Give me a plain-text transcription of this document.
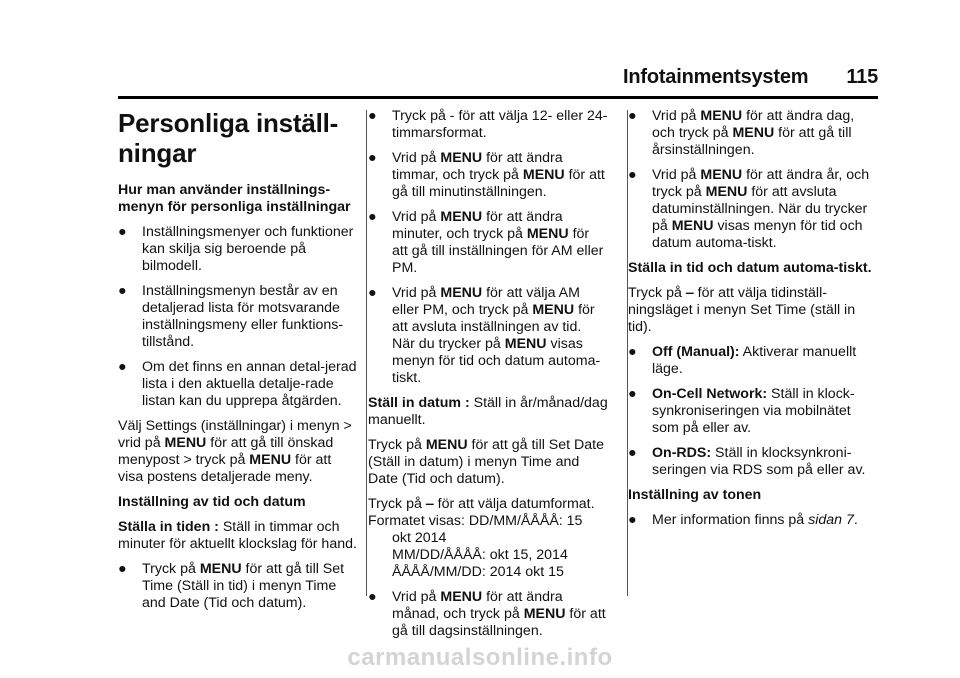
Infotainmentsystem 115
Personliga inställ-
ningar
Hur man använder inställnings-menyn för personliga inställningar
●	Inställningsmenyer och funktioner kan skilja sig beroende på bilmodell.
●	Inställningsmenyn består av en detaljerad lista för motsvarande inställningsmeny eller funktions-tillstånd.
●	Om det finns en annan detal-jerad lista i den aktuella detalje-rade listan kan du upprepa åtgärden.
Välj Settings (inställningar) i menyn > vrid på MENU för att gå till önskad menypost > tryck på MENU för att visa postens detaljerade meny.
Inställning av tid och datum
Ställa in tiden : Ställ in timmar och minuter för aktuellt klockslag för hand.
●	Tryck på MENU för att gå till Set Time (Ställ in tid) i menyn Time and Date (Tid och datum).
●	Tryck på - för att välja 12- eller 24-timmarsformat.
●	Vrid på MENU för att ändra timmar, och tryck på MENU för att gå till minutinställningen.
●	Vrid på MENU för att ändra minuter, och tryck på MENU för att gå till inställningen för AM eller PM.
●	Vrid på MENU för att välja AM eller PM, och tryck på MENU för att avsluta inställningen av tid. När du trycker på MENU visas menyn för tid och datum automa-tiskt.
Ställ in datum : Ställ in år/månad/dag manuellt.
Tryck på MENU för att gå till Set Date (Ställ in datum) i menyn Time and Date (Tid och datum).
Tryck på ‒ för att välja datumformat. Formatet visas: DD/MM/ÅÅÅÅ: 15
okt 2014
MM/DD/ÅÅÅÅ: okt 15, 2014
ÅÅÅÅ/MM/DD: 2014 okt 15
●	Vrid på MENU för att ändra månad, och tryck på MENU för att gå till dagsinställningen.
●	Vrid på MENU för att ändra dag, och tryck på MENU för att gå till årsinställningen.
●	Vrid på MENU för att ändra år, och tryck på MENU för att avsluta datuminställningen. När du trycker på MENU visas menyn för tid och datum automa-tiskt.
Ställa in tid och datum automa-tiskt.
Tryck på ‒ för att välja tidinställ-ningsläget i menyn Set Time (ställ in tid).
●	Off (Manual): Aktiverar manuellt läge.
●	On-Cell Network: Ställ in klock-synkroniseringen via mobilnätet som på eller av.
●	On-RDS: Ställ in klocksynkroni-seringen via RDS som på eller av.
Inställning av tonen
●	Mer information finns på sidan 7.
carmanualsonline.info
